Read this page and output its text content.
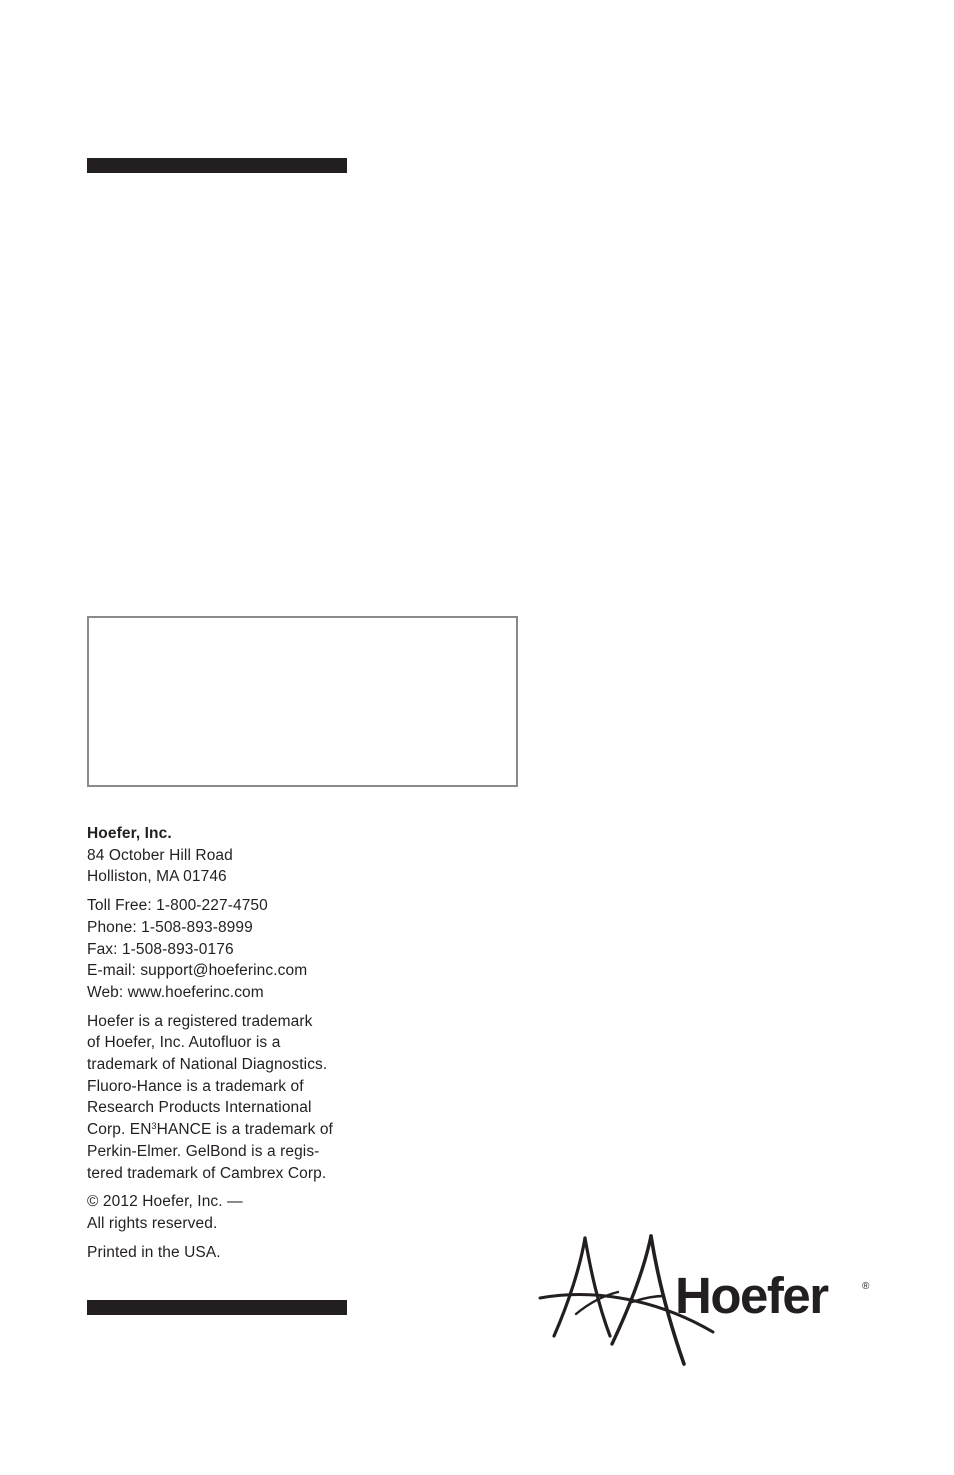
Hoefer, Inc.
84 October Hill Road
Holliston, MA 01746

Toll Free: 1-800-227-4750
Phone: 1-508-893-8999
Fax: 1-508-893-0176
E-mail: support@hoeferinc.com
Web: www.hoeferinc.com

Hoefer is a registered trademark
of Hoefer, Inc. Autofluor is a
trademark of National Diagnostics.
Fluoro-Hance is a trademark of
Research Products International
Corp. $EN^3HANCE$ is a trademark of
Perkin-Elmer. GelBond is a regis-
tered trademark of Cambrex Corp.

© 2012 Hoefer, Inc. —
All rights reserved.

Printed in the USA.

Hoefer	®
